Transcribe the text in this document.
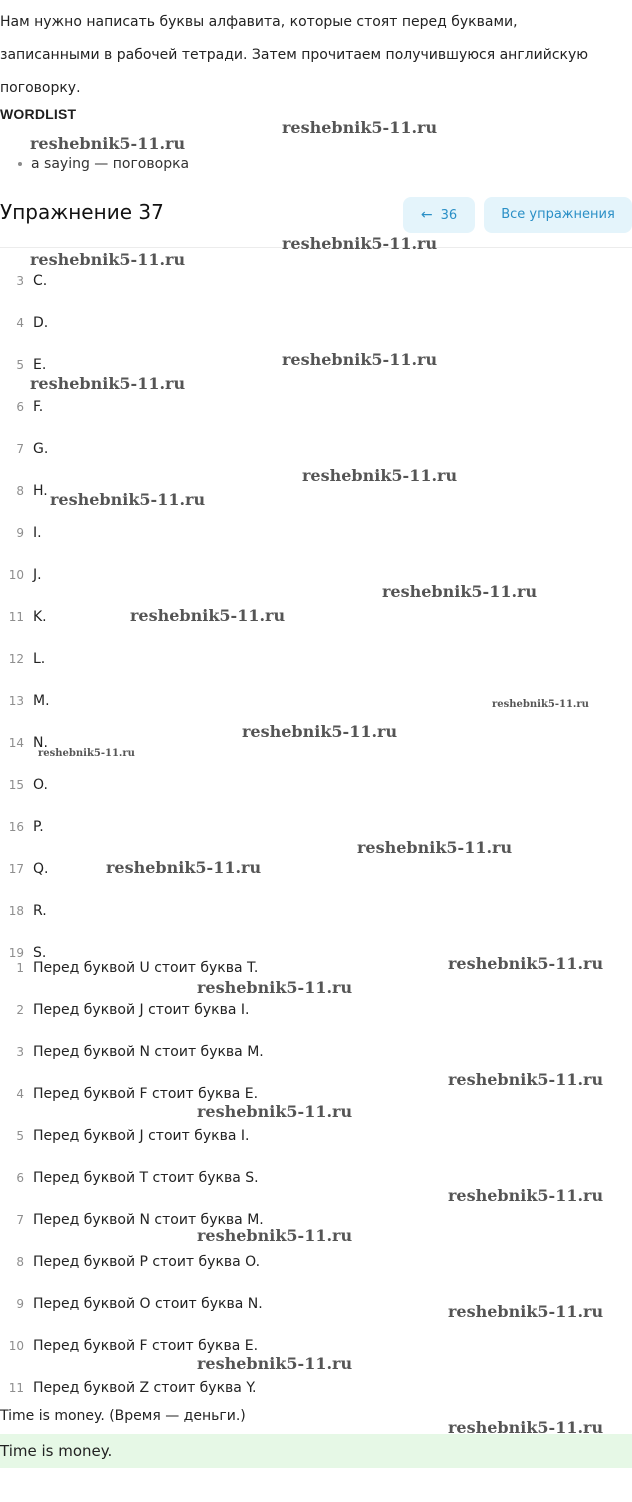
Нам нужно написать буквы алфавита, которые стоят перед буквами,
записанными в рабочей тетради. Затем прочитаем получившуюся английскую
поговорку.
WORDLIST
a saying — поговорка
Упражнение 37	← 36	Все упражнения
3 C.
4 D.
5 E.
6 F.
7 G.
8 H.
9 I.
10 J.
11 K.
12 L.
13 M.
14 N.
15 O.
16 P.
17 Q.
18 R.
19 S.
1 Перед буквой U стоит буква T.
2 Перед буквой J стоит буква I.
3 Перед буквой N стоит буква M.
4 Перед буквой F стоит буква E.
5 Перед буквой J стоит буква I.
6 Перед буквой T стоит буква S.
7 Перед буквой N стоит буква M.
8 Перед буквой P стоит буква O.
9 Перед буквой O стоит буква N.
10 Перед буквой F стоит буква E.
11 Перед буквой Z стоит буква Y.
Time is money. (Время — деньги.)
Time is money.
reshebnik5-11.ru
reshebnik5-11.ru
reshebnik5-11.ru
reshebnik5-11.ru
reshebnik5-11.ru
reshebnik5-11.ru
reshebnik5-11.ru
reshebnik5-11.ru
reshebnik5-11.ru
reshebnik5-11.ru
reshebnik5-11.ru
reshebnik5-11.ru
reshebnik5-11.ru
reshebnik5-11.ru
reshebnik5-11.ru
reshebnik5-11.ru
reshebnik5-11.ru
reshebnik5-11.ru
reshebnik5-11.ru
reshebnik5-11.ru
reshebnik5-11.ru
reshebnik5-11.ru
reshebnik5-11.ru
reshebnik5-11.ru
